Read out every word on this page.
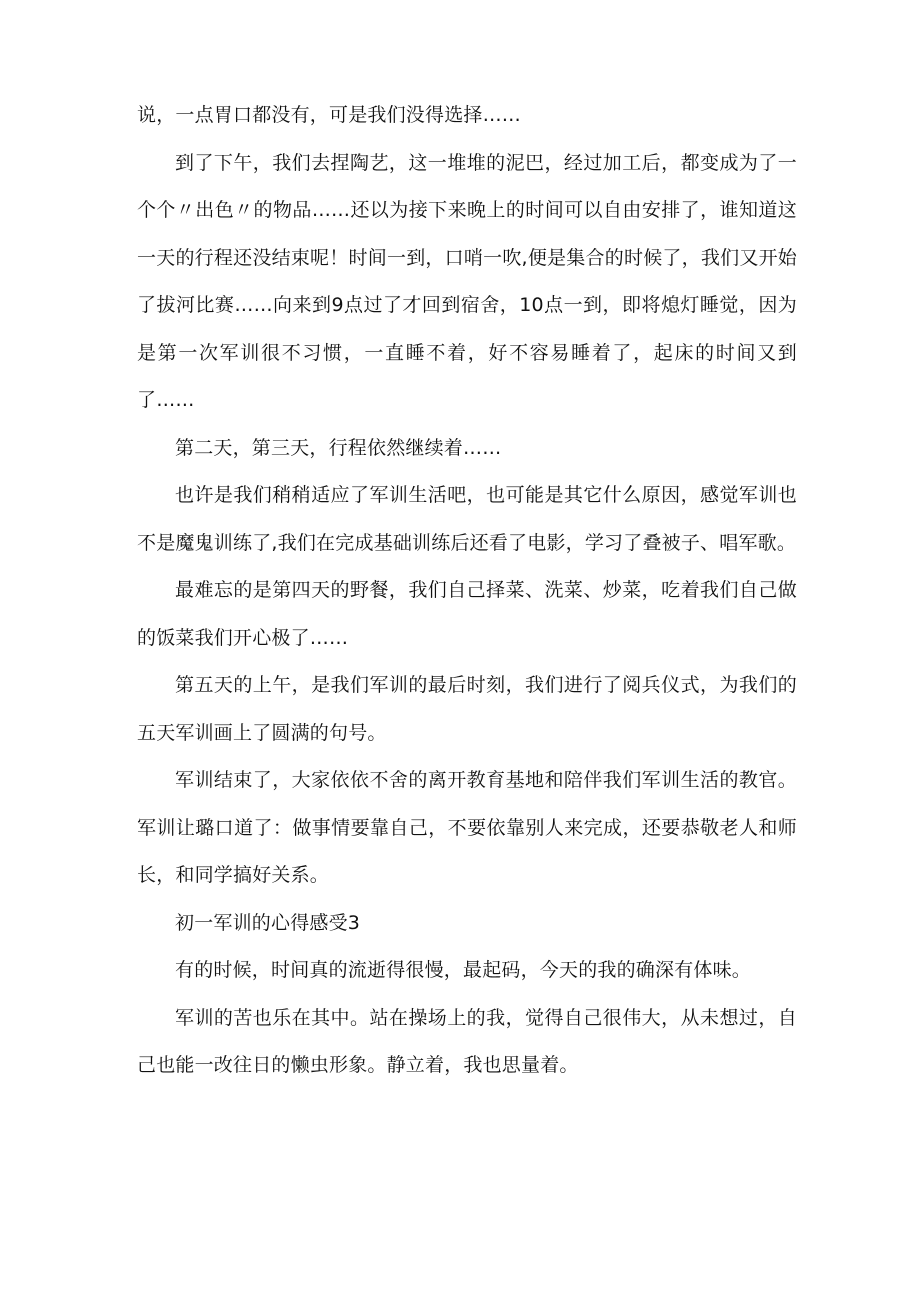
说，一点胃口都没有，可是我们没得选择……

到了下午，我们去捏陶艺，这一堆堆的泥巴，经过加工后，都变成为了一个个〃出色〃的物品……还以为接下来晚上的时间可以自由安排了，谁知道这一天的行程还没结束呢！时间一到，口哨一吹,便是集合的时候了，我们又开始了拔河比赛……向来到9点过了才回到宿舍，10点一到，即将熄灯睡觉，因为是第一次军训很不习惯，一直睡不着，好不容易睡着了，起床的时间又到了……

第二天，第三天，行程依然继续着……

也许是我们稍稍适应了军训生活吧，也可能是其它什么原因，感觉军训也不是魔鬼训练了,我们在完成基础训练后还看了电影，学习了叠被子、唱军歌。

最难忘的是第四天的野餐，我们自己择菜、洗菜、炒菜，吃着我们自己做的饭菜我们开心极了……

第五天的上午，是我们军训的最后时刻，我们进行了阅兵仪式，为我们的五天军训画上了圆满的句号。

军训结束了，大家依依不舍的离开教育基地和陪伴我们军训生活的教官。军训让璐口道了：做事情要靠自己，不要依靠别人来完成，还要恭敬老人和师长，和同学搞好关系。

初一军训的心得感受3

有的时候，时间真的流逝得很慢，最起码，今天的我的确深有体味。

军训的苦也乐在其中。站在操场上的我，觉得自己很伟大，从未想过，自己也能一改往日的懒虫形象。静立着，我也思量着。
